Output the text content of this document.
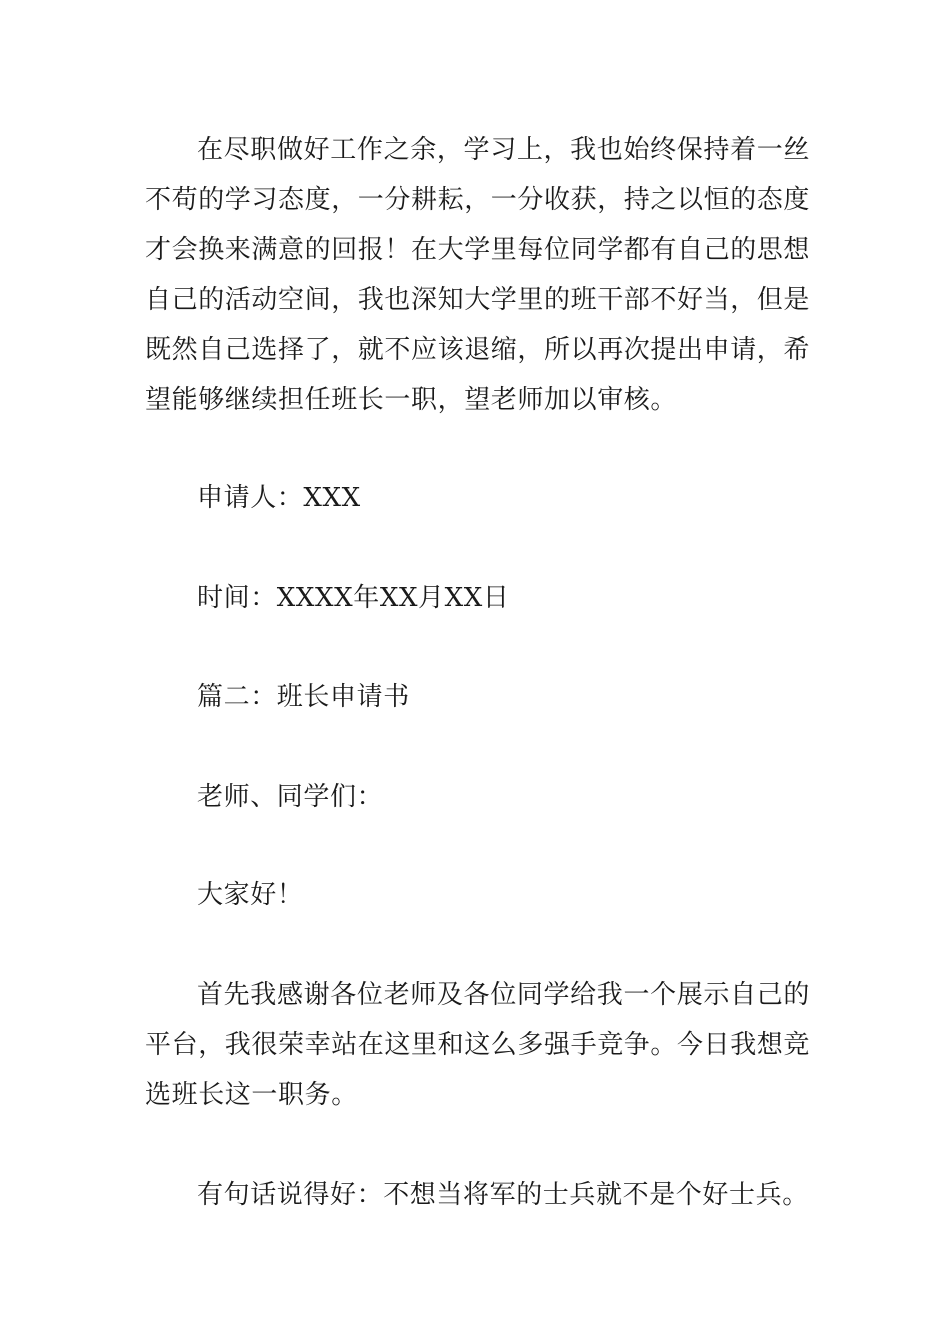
在尽职做好工作之余，学习上，我也始终保持着一丝不苟的学习态度，一分耕耘，一分收获，持之以恒的态度才会换来满意的回报！在大学里每位同学都有自己的思想自己的活动空间，我也深知大学里的班干部不好当，但是既然自己选择了，就不应该退缩，所以再次提出申请，希望能够继续担任班长一职，望老师加以审核。

申请人：XXX

时间：XXXX年XX月XX日

篇二：班长申请书

老师、同学们：

大家好！

首先我感谢各位老师及各位同学给我一个展示自己的平台，我很荣幸站在这里和这么多强手竞争。今日我想竞选班长这一职务。

有句话说得好：不想当将军的士兵就不是个好士兵。
